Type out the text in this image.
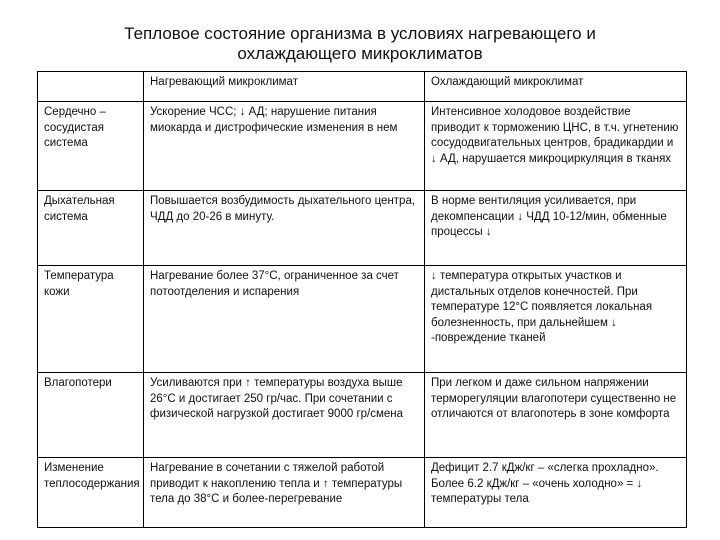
Тепловое состояние организма в условиях нагревающего и
охлаждающего микроклиматов
	Нагревающий микроклимат	Охлаждающий микроклимат
Сердечно – сосудистая система	Ускорение ЧСС; ↓ АД; нарушение питания миокарда и дистрофические изменения в нем	Интенсивное холодовое воздействие приводит к торможению ЦНС, в т.ч. угнетению сосудодвигательных центров, брадикардии и ↓ АД, нарушается микроциркуляция в тканях
Дыхательная система	Повышается возбудимость дыхательного центра, ЧДД до 20-26 в минуту.	В норме вентиляция усиливается, при декомпенсации ↓ ЧДД 10-12/мин, обменные процессы ↓
Температура кожи	Нагревание более 37°С, ограниченное за счет потоотделения и испарения	↓ температура открытых участков и дистальных отделов конечностей. При температуре 12°С появляется локальная болезненность, при дальнейшем ↓ -повреждение тканей
Влагопотери	Усиливаются при ↑ температуры воздуха выше 26°С и достигает 250 гр/час. При сочетании с физической нагрузкой достигает 9000 гр/смена	При легком и даже сильном напряжении терморегуляции влагопотери существенно не отличаются от влагопотерь в зоне комфорта
Изменение теплосодержания	Нагревание в сочетании с тяжелой работой приводит к накоплению тепла и ↑ температуры тела до 38°С и более-перегревание	Дефицит 2.7 кДж/кг – «слегка прохладно». Более 6.2 кДж/кг – «очень холодно» = ↓ температуры тела
